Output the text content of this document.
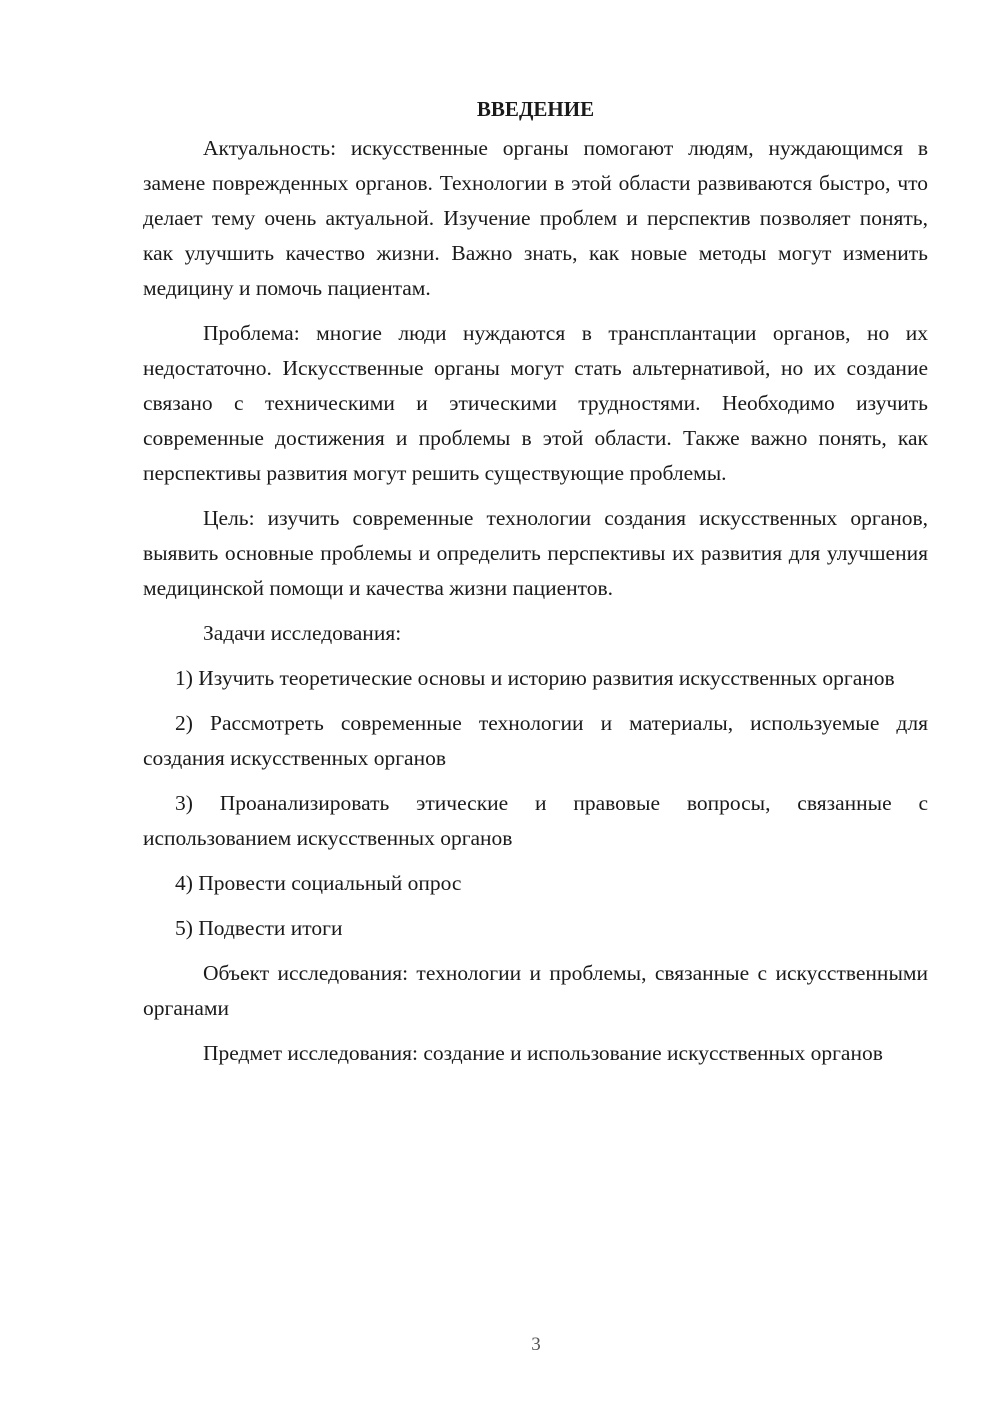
ВВЕДЕНИЕ

Актуальность: искусственные органы помогают людям, нуждающимся в замене поврежденных органов. Технологии в этой области развиваются быстро, что делает тему очень актуальной. Изучение проблем и перспектив позволяет понять, как улучшить качество жизни. Важно знать, как новые методы могут изменить медицину и помочь пациентам.

Проблема: многие люди нуждаются в трансплантации органов, но их недостаточно. Искусственные органы могут стать альтернативой, но их создание связано с техническими и этическими трудностями. Необходимо изучить современные достижения и проблемы в этой области. Также важно понять, как перспективы развития могут решить существующие проблемы.

Цель: изучить современные технологии создания искусственных органов, выявить основные проблемы и определить перспективы их развития для улучшения медицинской помощи и качества жизни пациентов.

Задачи исследования:

1) Изучить теоретические основы и историю развития искусственных органов

2) Рассмотреть современные технологии и материалы, используемые для создания искусственных органов

3) Проанализировать этические и правовые вопросы, связанные с использованием искусственных органов

4) Провести социальный опрос

5) Подвести итоги

Объект исследования: технологии и проблемы, связанные с искусственными органами

Предмет исследования: создание и использование искусственных органов

3
